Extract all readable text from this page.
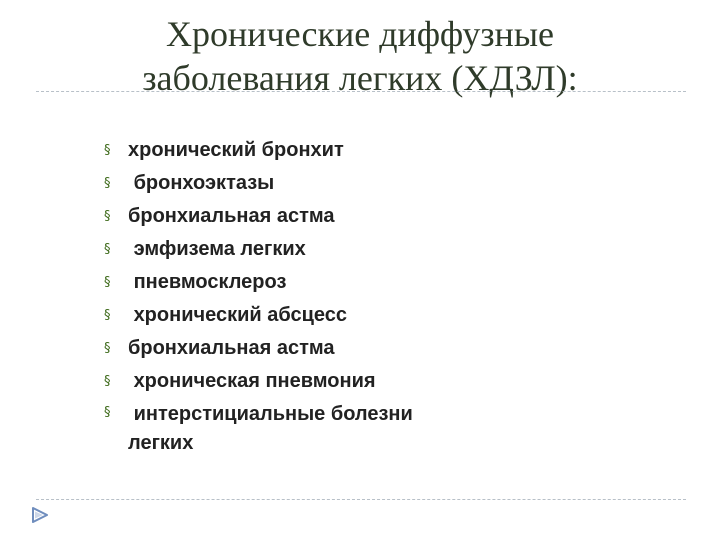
Хронические диффузные
заболевания легких (ХДЗЛ):
§ хронический бронхит
§ бронхоэктазы
§ бронхиальная астма
§ эмфизема легких
§ пневмосклероз
§ хронический абсцесс
§ бронхиальная астма
§ хроническая пневмония
§ интерстициальные болезни легких
